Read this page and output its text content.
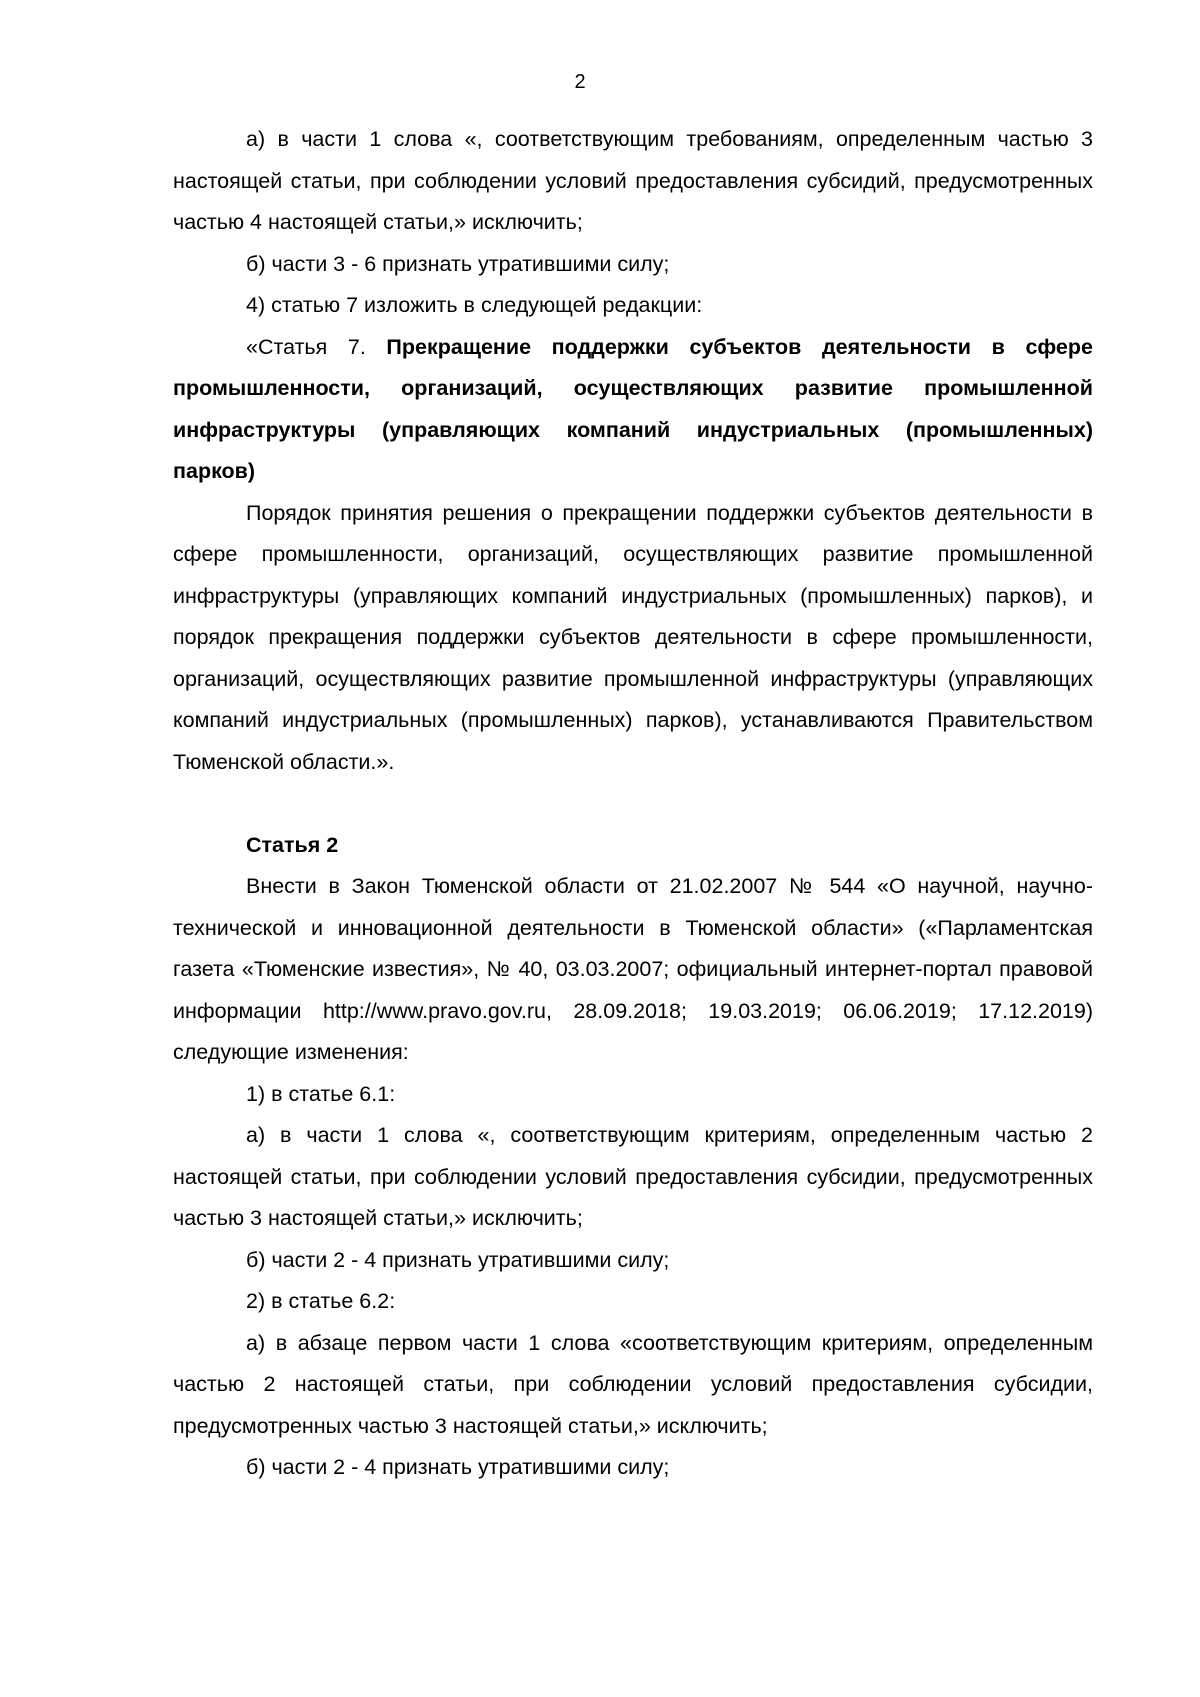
2

а) в части 1 слова «, соответствующим требованиям, определенным частью 3 настоящей статьи, при соблюдении условий предоставления субсидий, предусмотренных частью 4 настоящей статьи,» исключить;

б) части 3 - 6 признать утратившими силу;

4) статью 7 изложить в следующей редакции:

«Статья 7. Прекращение поддержки субъектов деятельности в сфере промышленности, организаций, осуществляющих развитие промышленной инфраструктуры (управляющих компаний индустриальных (промышленных) парков)

Порядок принятия решения о прекращении поддержки субъектов деятельности в сфере промышленности, организаций, осуществляющих развитие промышленной инфраструктуры (управляющих компаний индустриальных (промышленных) парков), и порядок прекращения поддержки субъектов деятельности в сфере промышленности, организаций, осуществляющих развитие промышленной инфраструктуры (управляющих компаний индустриальных (промышленных) парков), устанавливаются Правительством Тюменской области.».

Статья 2

Внести в Закон Тюменской области от 21.02.2007 № 544 «О научной, научно-технической и инновационной деятельности в Тюменской области» («Парламентская газета «Тюменские известия», № 40, 03.03.2007; официальный интернет-портал правовой информации http://www.pravo.gov.ru, 28.09.2018; 19.03.2019; 06.06.2019; 17.12.2019) следующие изменения:

1) в статье 6.1:

а) в части 1 слова «, соответствующим критериям, определенным частью 2 настоящей статьи, при соблюдении условий предоставления субсидии, предусмотренных частью 3 настоящей статьи,» исключить;

б) части 2 - 4 признать утратившими силу;

2) в статье 6.2:

а) в абзаце первом части 1 слова «соответствующим критериям, определенным частью 2 настоящей статьи, при соблюдении условий предоставления субсидии, предусмотренных частью 3 настоящей статьи,» исключить;

б) части 2 - 4 признать утратившими силу;
